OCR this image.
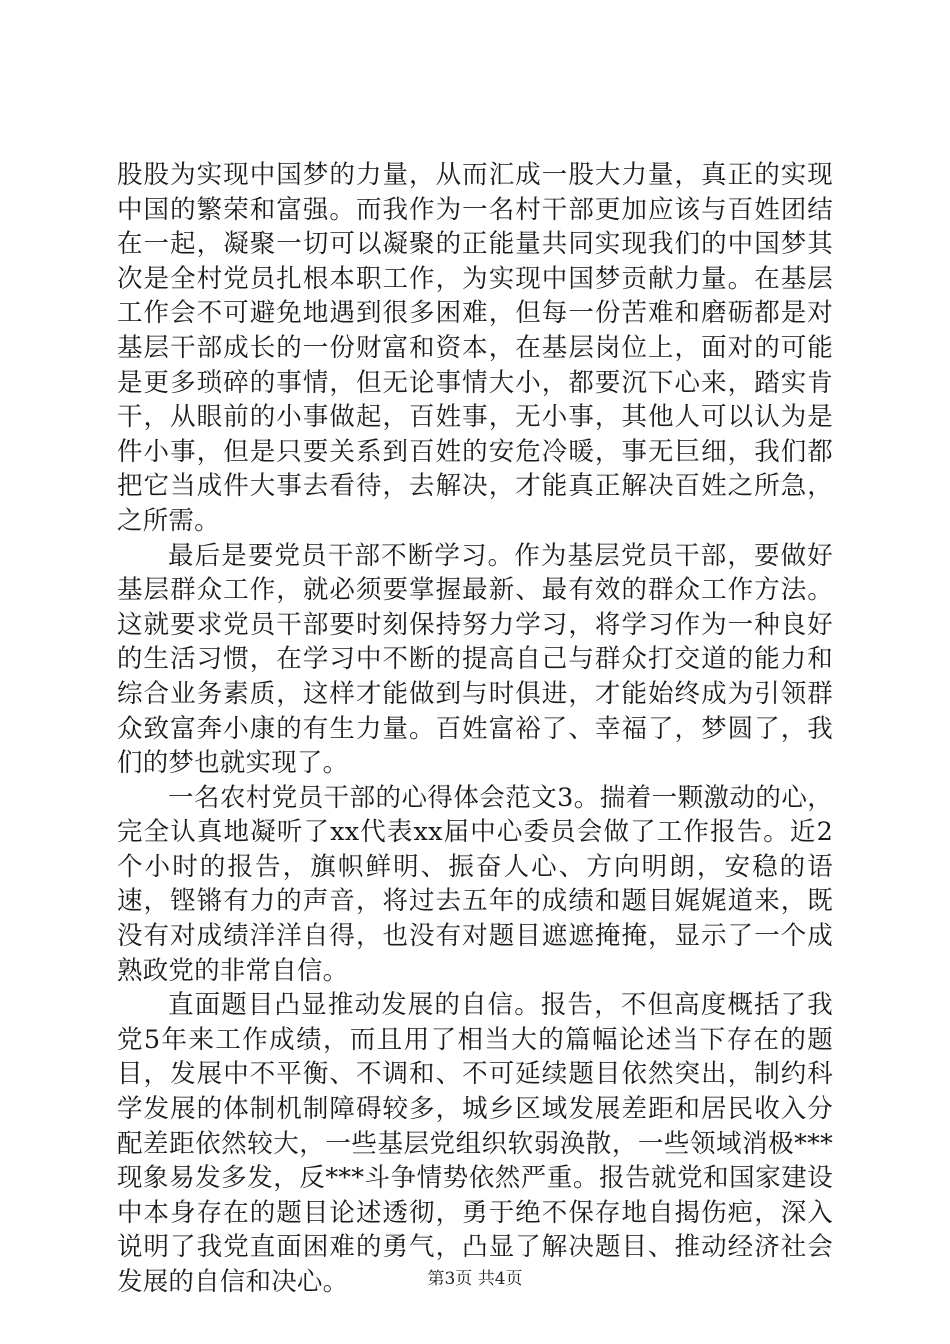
股股为实现中国梦的力量，从而汇成一股大力量，真正的实现中国的繁荣和富强。而我作为一名村干部更加应该与百姓团结在一起，凝聚一切可以凝聚的正能量共同实现我们的中国梦其次是全村党员扎根本职工作，为实现中国梦贡献力量。在基层工作会不可避免地遇到很多困难，但每一份苦难和磨砺都是对基层干部成长的一份财富和资本，在基层岗位上，面对的可能是更多琐碎的事情，但无论事情大小，都要沉下心来，踏实肯干，从眼前的小事做起，百姓事，无小事，其他人可以认为是件小事，但是只要关系到百姓的安危冷暖，事无巨细，我们都把它当成件大事去看待，去解决，才能真正解决百姓之所急，之所需。

最后是要党员干部不断学习。作为基层党员干部，要做好基层群众工作，就必须要掌握最新、最有效的群众工作方法。这就要求党员干部要时刻保持努力学习，将学习作为一种良好的生活习惯，在学习中不断的提高自己与群众打交道的能力和综合业务素质，这样才能做到与时俱进，才能始终成为引领群众致富奔小康的有生力量。百姓富裕了、幸福了，梦圆了，我们的梦也就实现了。

一名农村党员干部的心得体会范文3。揣着一颗激动的心，完全认真地凝听了xx代表xx届中心委员会做了工作报告。近2个小时的报告，旗帜鲜明、振奋人心、方向明朗，安稳的语速，铿锵有力的声音，将过去五年的成绩和题目娓娓道来，既没有对成绩洋洋自得，也没有对题目遮遮掩掩，显示了一个成熟政党的非常自信。

直面题目凸显推动发展的自信。报告，不但高度概括了我党5年来工作成绩，而且用了相当大的篇幅论述当下存在的题目，发展中不平衡、不调和、不可延续题目依然突出，制约科学发展的体制机制障碍较多，城乡区域发展差距和居民收入分配差距依然较大，一些基层党组织软弱涣散，一些领域消极***现象易发多发，反***斗争情势依然严重。报告就党和国家建设中本身存在的题目论述透彻，勇于绝不保存地自揭伤疤，深入说明了我党直面困难的勇气，凸显了解决题目、推动经济社会发展的自信和决心。	第3页 共4页
